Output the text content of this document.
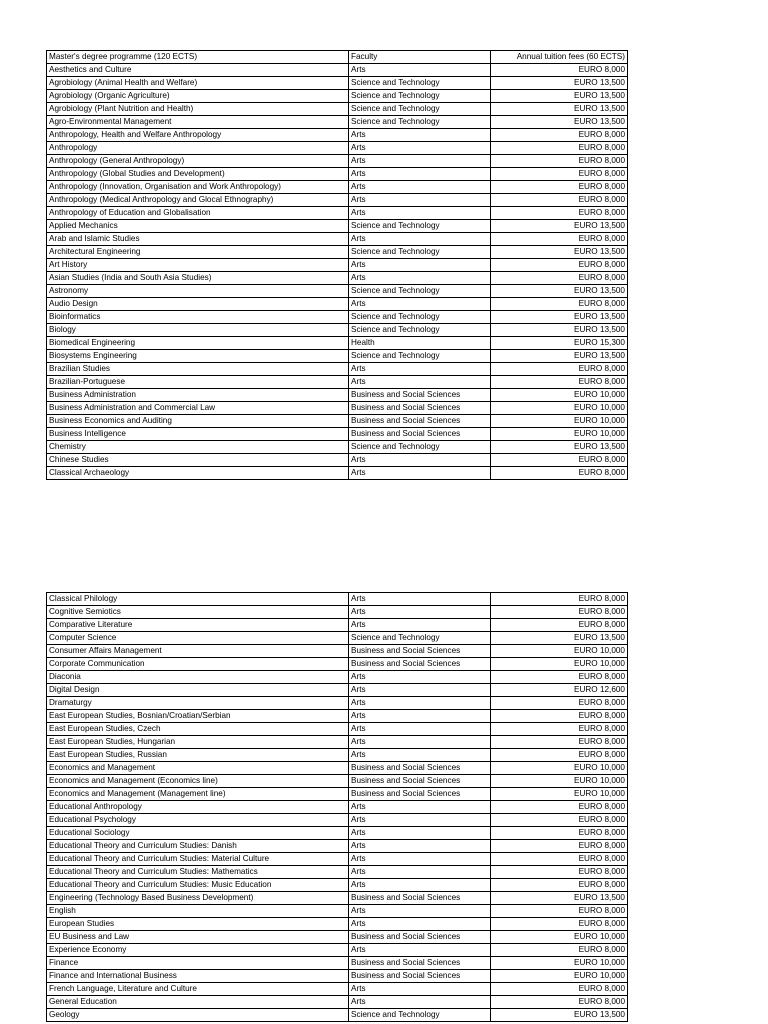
Master's degree programme (120 ECTS)	Faculty	Annual tuition fees (60 ECTS)
Aesthetics and Culture	Arts	EURO 8,000
Agrobiology (Animal Health and Welfare)	Science and Technology	EURO 13,500
Agrobiology (Organic Agriculture)	Science and Technology	EURO 13,500
Agrobiology (Plant Nutrition and Health)	Science and Technology	EURO 13,500
Agro-Environmental Management	Science and Technology	EURO 13,500
Anthropology, Health and Welfare Anthropology	Arts	EURO 8,000
Anthropology	Arts	EURO 8,000
Anthropology (General Anthropology)	Arts	EURO 8,000
Anthropology (Global Studies and Development)	Arts	EURO 8,000
Anthropology (Innovation, Organisation and Work Anthropology)	Arts	EURO 8,000
Anthropology (Medical Anthropology and Glocal Ethnography)	Arts	EURO 8,000
Anthropology of Education and Globalisation	Arts	EURO 8,000
Applied Mechanics	Science and Technology	EURO 13,500
Arab and Islamic Studies	Arts	EURO 8,000
Architectural Engineering	Science and Technology	EURO 13,500
Art History	Arts	EURO 8,000
Asian Studies (India and South Asia Studies)	Arts	EURO 8,000
Astronomy	Science and Technology	EURO 13,500
Audio Design	Arts	EURO 8,000
Bioinformatics	Science and Technology	EURO 13,500
Biology	Science and Technology	EURO 13,500
Biomedical Engineering	Health	EURO 15,300
Biosystems Engineering	Science and Technology	EURO 13,500
Brazilian Studies	Arts	EURO 8,000
Brazilian-Portuguese	Arts	EURO 8,000
Business Administration	Business and Social Sciences	EURO 10,000
Business Administration and Commercial Law	Business and Social Sciences	EURO 10,000
Business Economics and Auditing	Business and Social Sciences	EURO 10,000
Business Intelligence	Business and Social Sciences	EURO 10,000
Chemistry	Science and Technology	EURO 13,500
Chinese Studies	Arts	EURO 8,000
Classical Archaeology	Arts	EURO 8,000
Classical Philology	Arts	EURO 8,000
Cognitive Semiotics	Arts	EURO 8,000
Comparative Literature	Arts	EURO 8,000
Computer Science	Science and Technology	EURO 13,500
Consumer Affairs Management	Business and Social Sciences	EURO 10,000
Corporate Communication	Business and Social Sciences	EURO 10,000
Diaconia	Arts	EURO 8,000
Digital Design	Arts	EURO 12,600
Dramaturgy	Arts	EURO 8,000
East European Studies, Bosnian/Croatian/Serbian	Arts	EURO 8,000
East European Studies, Czech	Arts	EURO 8,000
East European Studies, Hungarian	Arts	EURO 8,000
East European Studies, Russian	Arts	EURO 8,000
Economics and Management	Business and Social Sciences	EURO 10,000
Economics and Management (Economics line)	Business and Social Sciences	EURO 10,000
Economics and Management (Management line)	Business and Social Sciences	EURO 10,000
Educational Anthropology	Arts	EURO 8,000
Educational Psychology	Arts	EURO 8,000
Educational Sociology	Arts	EURO 8,000
Educational Theory and Curriculum Studies: Danish	Arts	EURO 8,000
Educational Theory and Curriculum Studies: Material Culture	Arts	EURO 8,000
Educational Theory and Curriculum Studies: Mathematics	Arts	EURO 8,000
Educational Theory and Curriculum Studies: Music Education	Arts	EURO 8,000
Engineering (Technology Based Business Development)	Business and Social Sciences	EURO 13,500
English	Arts	EURO 8,000
European Studies	Arts	EURO 8,000
EU Business and Law	Business and Social Sciences	EURO 10,000
Experience Economy	Arts	EURO 8,000
Finance	Business and Social Sciences	EURO 10,000
Finance and International Business	Business and Social Sciences	EURO 10,000
French Language, Literature and Culture	Arts	EURO 8,000
General Education	Arts	EURO 8,000
Geology	Science and Technology	EURO 13,500
